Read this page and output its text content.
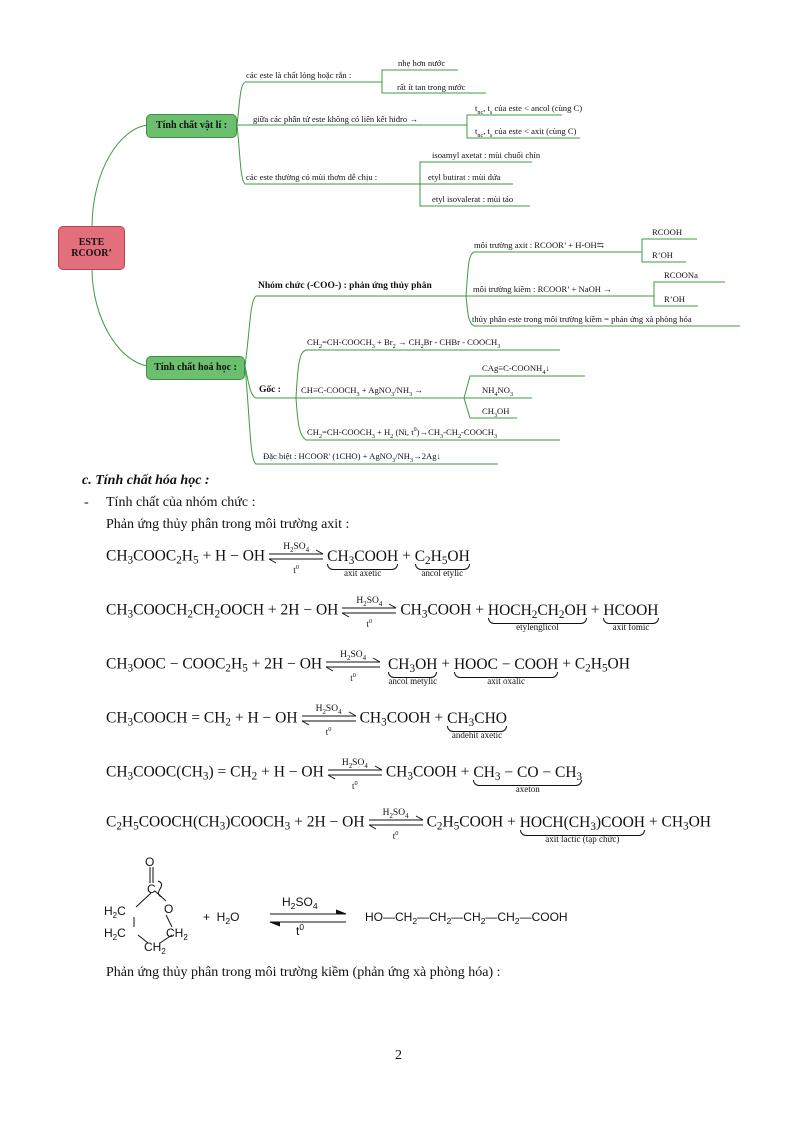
ESTE
RCOOR’
Tính chất vật lí :
Tính chất hoá học :
các este là chất lỏng hoặc rắn :
nhẹ hơn nước
rất ít tan trong nước
giữa các phân tử este không có liên kết hiđro →
$t_{nc}$, $t_s$ của este < ancol (cùng C)
$t_{nc}$, $t_s$ của este < axit (cùng C)
các este thường có mùi thơm dễ chịu :
isoamyl axetat : mùi chuối chín
etyl butirat : mùi dứa
etyl isovalerat : mùi táo
Nhóm chức (-COO-) : phản ứng thủy phân
môi trường axit : RCOOR’ + H-OH⇆
RCOOH
R’OH
môi trường kiềm : RCOOR’ + NaOH →
RCOONa
R’OH
thủy phân este trong môi trường kiềm = phản ứng xà phòng hóa
Gốc :
$CH_2=CH-COOCH_3 + Br_2 \to CH_2Br$ - CHBr - $COOCH_3$
$CH\equiv C-COOCH_3$ + $AgNO_3/NH_3$ →
$CAg\equiv C-COONH_4↓$
$NH_4NO_3$
$CH_3OH$
$CH_2=CH-COOCH_3 + H_2$ (Ni, $t^0)\to CH_3-CH_2-COOCH_3$
Đặc biệt : HCOOR' $(1CHO) + AgNO_3/NH_3\to 2Ag↓$
c. Tính chất hóa học :
- Tính chất của nhóm chức :
Phản ứng thủy phân trong môi trường axit :
$CH_3COOC_2H_5 + H$ − OH
$H_2SO_4$
$t^0$
$CH_3COOH$
axit axetic
+ $C_2H_5OH$
ancol etylic
$CH_3COOCH_2CH_2OOCH + 2H$ − OH
$H_2SO_4$
$t^0$
$CH_3COOH$ + $HOCH_2CH_2OH$
etylenglicol
+ HCOOH
axit fomic
$CH_3OOC$ − $COOC_2H_5 + 2H$ − OH
$H_2SO_4$
$t^0$
$CH_3OH$
ancol metylic
+ HOOC − COOH
axit oxalic
+ $C_2H_5OH$
$CH_3COOCH = CH_2 + H$ − OH
$H_2SO_4$
$t^0$
$CH_3COOH + CH_3CHO$
andehit axetic
$CH_3COOC(CH_3) = CH_2 + H$ − OH
$H_2SO_4$
$t^0$
$CH_3COOH + CH_3$ − CO − $CH_3$
axeton
$C_2H_5COOCH(CH_3)COOCH_3 + 2H$ − OH
$H_2SO_4$
$t^0$
$C_2H_5COOH$ + $HOCH(CH_3)COOH$
axit lactic (tạp chức)
+ $CH_3OH$
O
C
O
$H_2C$
$H_2C$	$CH_2$
$CH_2$
+  $H_2O$
$H_2SO_4$
$t^0$
$HO—CH_2—CH_2—CH_2—CH_2—COOH$
Phản ứng thủy phân trong môi trường kiềm (phản ứng xà phòng hóa) :
2
